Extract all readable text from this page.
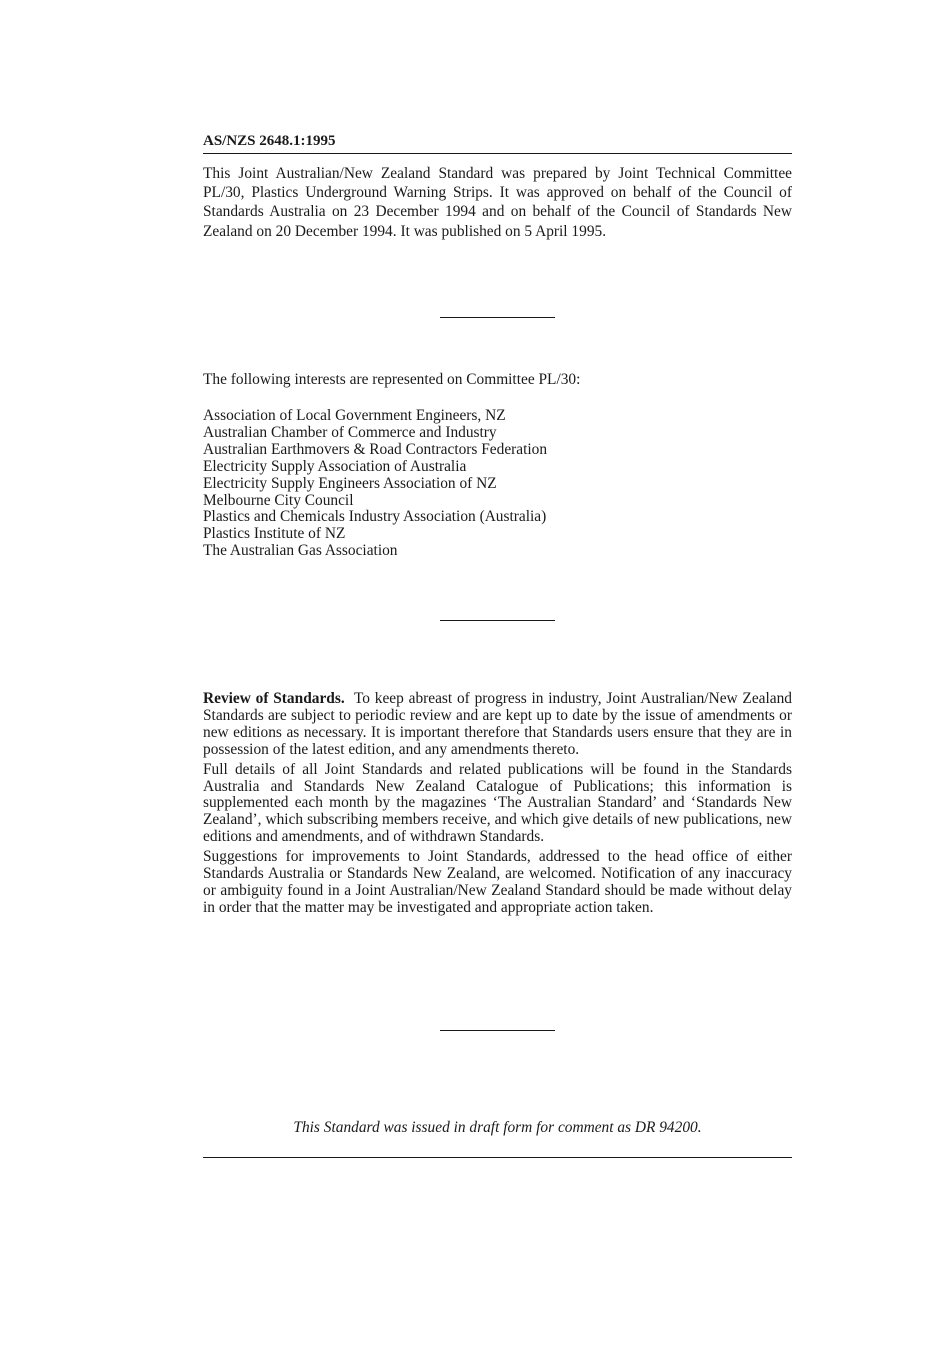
AS/NZS 2648.1:1995

This Joint Australian/New Zealand Standard was prepared by Joint Technical Committee PL/30, Plastics Underground Warning Strips. It was approved on behalf of the Council of Standards Australia on 23 December 1994 and on behalf of the Council of Standards New Zealand on 20 December 1994. It was published on 5 April 1995.

The following interests are represented on Committee PL/30:
Association of Local Government Engineers, NZ
Australian Chamber of Commerce and Industry
Australian Earthmovers & Road Contractors Federation
Electricity Supply Association of Australia
Electricity Supply Engineers Association of NZ
Melbourne City Council
Plastics and Chemicals Industry Association (Australia)
Plastics Institute of NZ
The Australian Gas Association

Review of Standards. To keep abreast of progress in industry, Joint Australian/New Zealand Standards are subject to periodic review and are kept up to date by the issue of amendments or new editions as necessary. It is important therefore that Standards users ensure that they are in possession of the latest edition, and any amendments thereto.

Full details of all Joint Standards and related publications will be found in the Standards Australia and Standards New Zealand Catalogue of Publications; this information is supplemented each month by the magazines ‘The Australian Standard’ and ‘Standards New Zealand’, which subscribing members receive, and which give details of new publications, new editions and amendments, and of withdrawn Standards.

Suggestions for improvements to Joint Standards, addressed to the head office of either Standards Australia or Standards New Zealand, are welcomed. Notification of any inaccuracy or ambiguity found in a Joint Australian/New Zealand Standard should be made without delay in order that the matter may be investigated and appropriate action taken.

This Standard was issued in draft form for comment as DR 94200.
